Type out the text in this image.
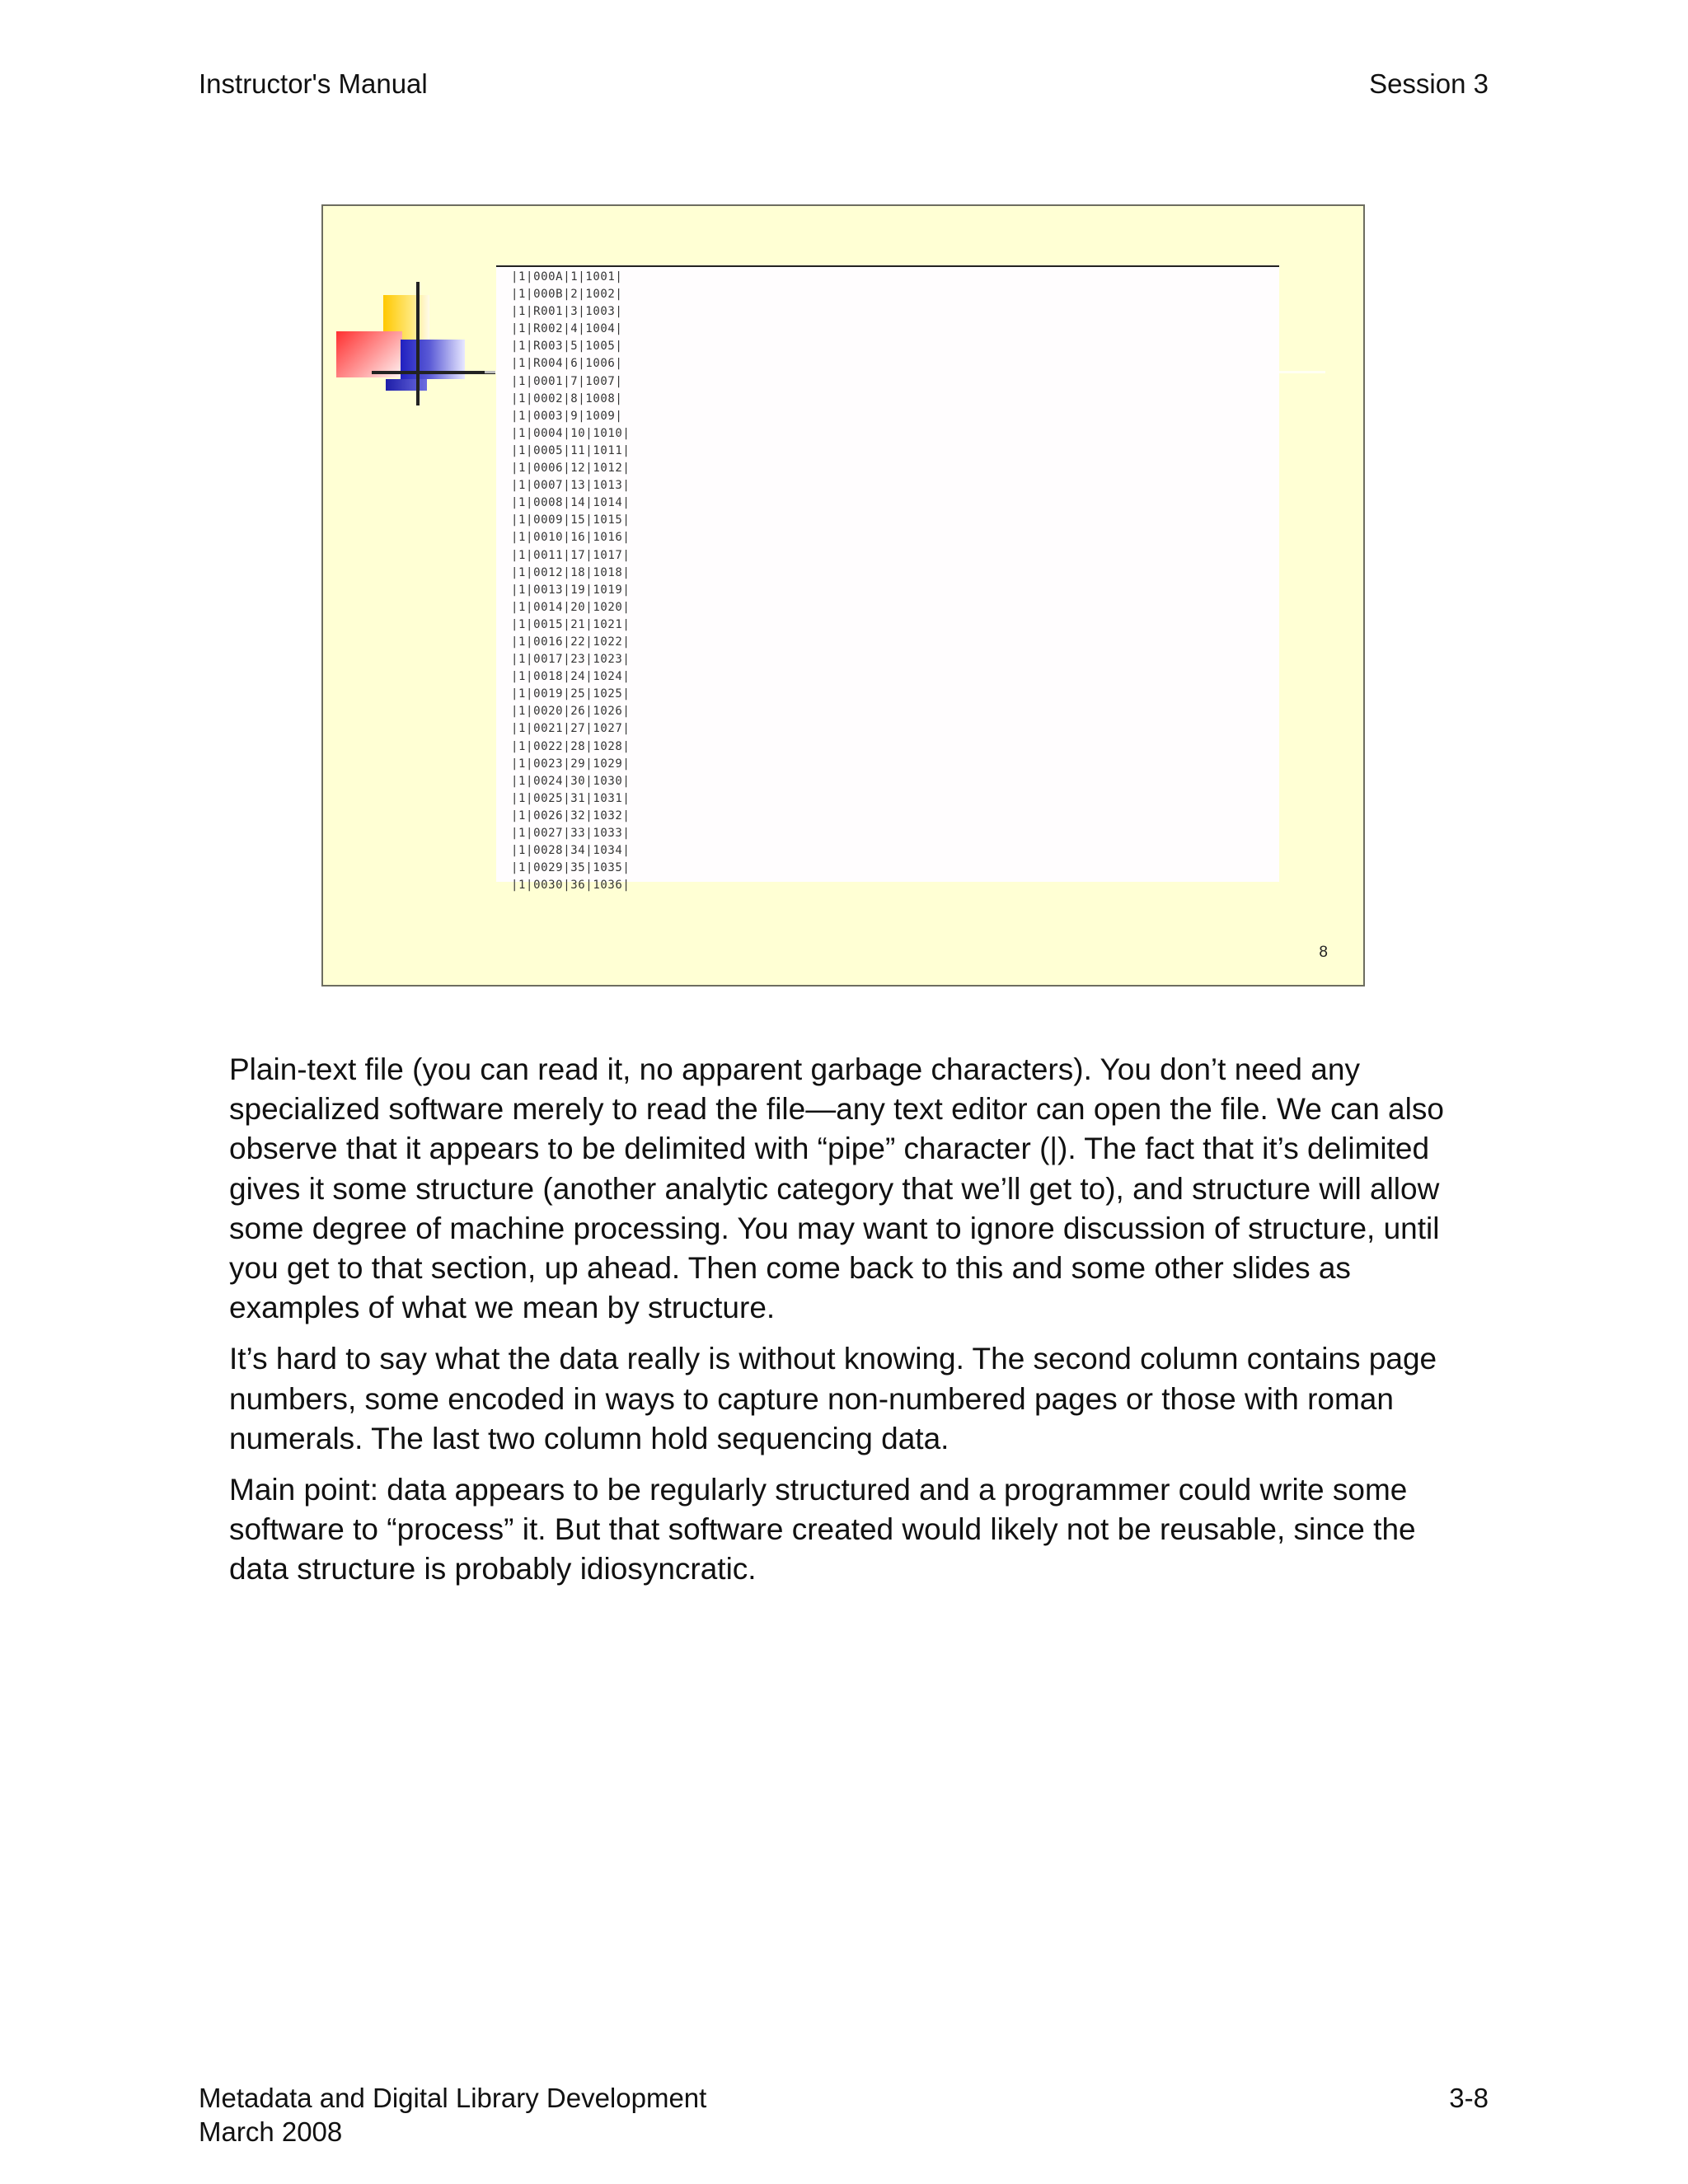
Instructor's Manual	Session 3
|1|000A|1|1001|
|1|000B|2|1002|
|1|R001|3|1003|
|1|R002|4|1004|
|1|R003|5|1005|
|1|R004|6|1006|
|1|0001|7|1007|
|1|0002|8|1008|
|1|0003|9|1009|
|1|0004|10|1010|
|1|0005|11|1011|
|1|0006|12|1012|
|1|0007|13|1013|
|1|0008|14|1014|
|1|0009|15|1015|
|1|0010|16|1016|
|1|0011|17|1017|
|1|0012|18|1018|
|1|0013|19|1019|
|1|0014|20|1020|
|1|0015|21|1021|
|1|0016|22|1022|
|1|0017|23|1023|
|1|0018|24|1024|
|1|0019|25|1025|
|1|0020|26|1026|
|1|0021|27|1027|
|1|0022|28|1028|
|1|0023|29|1029|
|1|0024|30|1030|
|1|0025|31|1031|
|1|0026|32|1032|
|1|0027|33|1033|
|1|0028|34|1034|
|1|0029|35|1035|
|1|0030|36|1036|
8

Plain-text file (you can read it, no apparent garbage characters). You don’t need any specialized software merely to read the file—any text editor can open the file. We can also observe that it appears to be delimited with “pipe” character (|). The fact that it’s delimited gives it some structure (another analytic category that we’ll get to), and structure will allow some degree of machine processing. You may want to ignore discussion of structure, until you get to that section, up ahead. Then come back to this and some other slides as examples of what we mean by structure.

It’s hard to say what the data really is without knowing. The second column contains page numbers, some encoded in ways to capture non-numbered pages or those with roman numerals. The last two column hold sequencing data.

Main point: data appears to be regularly structured and a programmer could write some software to “process” it. But that software created would likely not be reusable, since the data structure is probably idiosyncratic.

Metadata and Digital Library Development
March 2008
3-8
